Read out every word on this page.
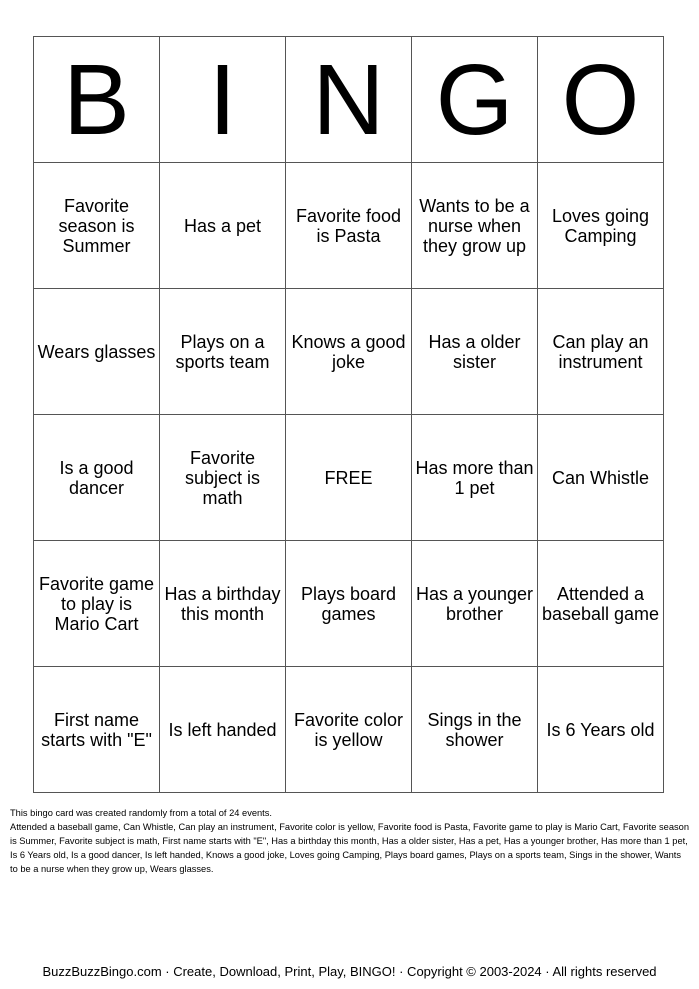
B	I	N	G	O
Favorite season is Summer	Has a pet	Favorite food is Pasta	Wants to be a nurse when they grow up	Loves going Camping
Wears glasses	Plays on a sports team	Knows a good joke	Has a older sister	Can play an instrument
Is a good dancer	Favorite subject is math	FREE	Has more than 1 pet	Can Whistle
Favorite game to play is Mario Cart	Has a birthday this month	Plays board games	Has a younger brother	Attended a baseball game
First name starts with "E"	Is left handed	Favorite color is yellow	Sings in the shower	Is 6 Years old
This bingo card was created randomly from a total of 24 events.
Attended a baseball game, Can Whistle, Can play an instrument, Favorite color is yellow, Favorite food is Pasta, Favorite game to play is Mario Cart, Favorite season is Summer, Favorite subject is math, First name starts with "E", Has a birthday this month, Has a older sister, Has a pet, Has a younger brother, Has more than 1 pet, Is 6 Years old, Is a good dancer, Is left handed, Knows a good joke, Loves going Camping, Plays board games, Plays on a sports team, Sings in the shower, Wants to be a nurse when they grow up, Wears glasses.
BuzzBuzzBingo.com · Create, Download, Print, Play, BINGO! · Copyright © 2003-2024 · All rights reserved
